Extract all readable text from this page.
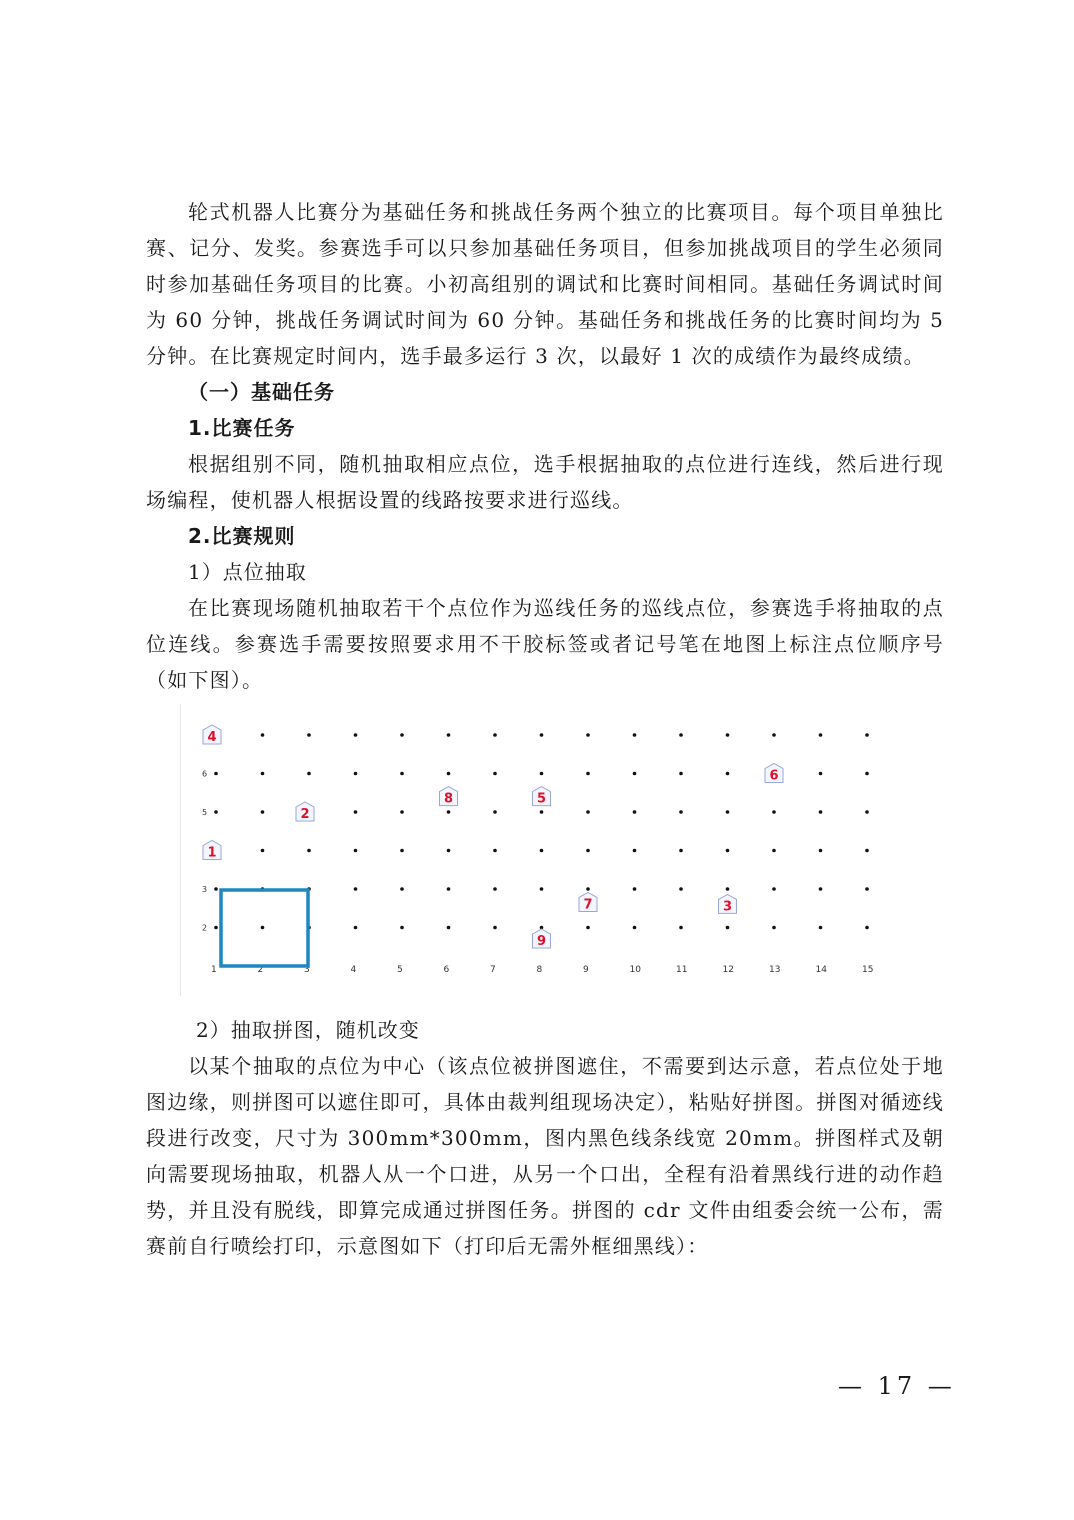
轮式机器人比赛分为基础任务和挑战任务两个独立的比赛项目。每个项目单独比赛、记分、发奖。参赛选手可以只参加基础任务项目，但参加挑战项目的学生必须同时参加基础任务项目的比赛。小初高组别的调试和比赛时间相同。基础任务调试时间为 60 分钟，挑战任务调试时间为 60 分钟。基础任务和挑战任务的比赛时间均为 5 分钟。在比赛规定时间内，选手最多运行 3 次，以最好 1 次的成绩作为最终成绩。

（一）基础任务

1.比赛任务

根据组别不同，随机抽取相应点位，选手根据抽取的点位进行连线，然后进行现场编程，使机器人根据设置的线路按要求进行巡线。

2.比赛规则

1）点位抽取

在比赛现场随机抽取若干个点位作为巡线任务的巡线点位，参赛选手将抽取的点位连线。参赛选手需要按照要求用不干胶标签或者记号笔在地图上标注点位顺序号（如下图）。

1	2	3	4	5	6	7	8	9	10	11	12	13	14	15
2
3
5
6
1
2
3
4
5
6
7
8
9

2）抽取拼图，随机改变

以某个抽取的点位为中心（该点位被拼图遮住，不需要到达示意，若点位处于地图边缘，则拼图可以遮住即可，具体由裁判组现场决定），粘贴好拼图。拼图对循迹线段进行改变，尺寸为 300mm*300mm，图内黑色线条线宽 20mm。拼图样式及朝向需要现场抽取，机器人从一个口进，从另一个口出，全程有沿着黑线行进的动作趋势，并且没有脱线，即算完成通过拼图任务。拼图的 cdr 文件由组委会统一公布，需赛前自行喷绘打印，示意图如下（打印后无需外框细黑线）：

— 17 —
